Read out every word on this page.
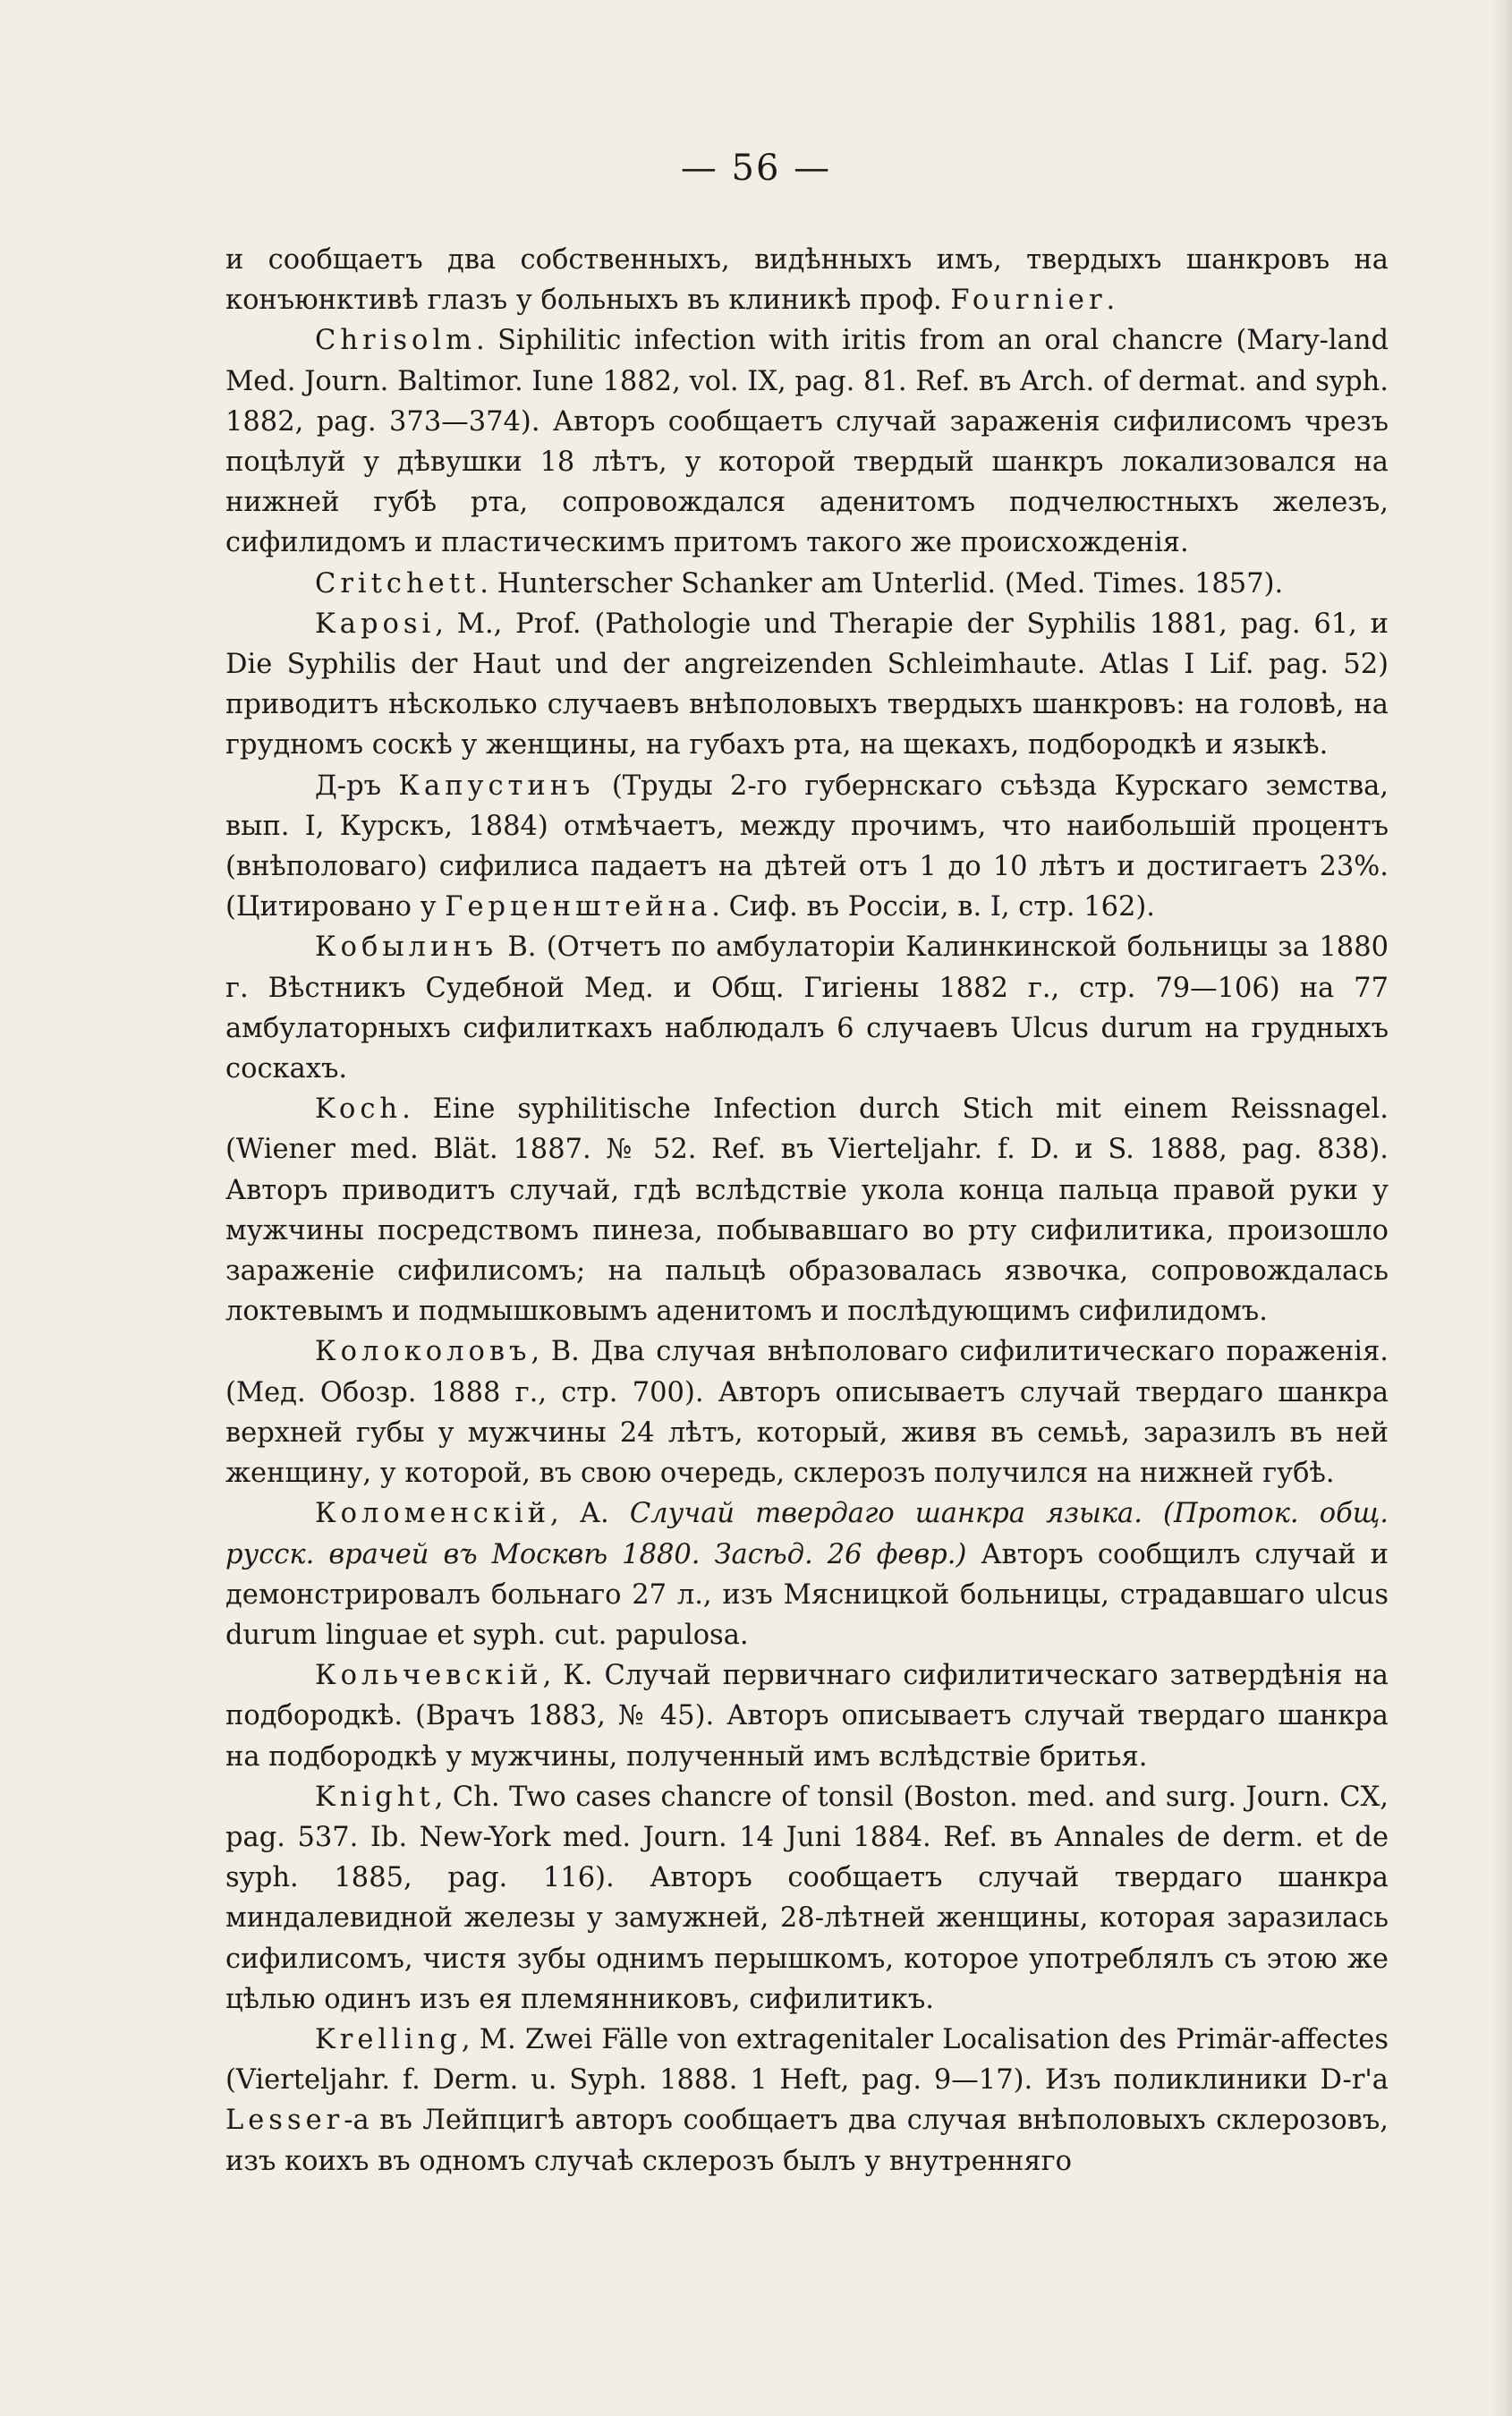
— 56 —

и сообщаетъ два собственныхъ, видѣнныхъ имъ, твердыхъ шанкровъ на конъюнктивѣ глазъ у больныхъ въ клиникѣ проф. Fournier.

Chrisolm. Siphilitic infection with iritis from an oral chancre (Mary-land Med. Journ. Baltimor. Iune 1882, vol. IX, pag. 81. Ref. въ Arch. of dermat. and syph. 1882, pag. 373—374). Авторъ сообщаетъ случай зараженія сифилисомъ чрезъ поцѣлуй у дѣвушки 18 лѣтъ, у которой твердый шанкръ локализовался на нижней губѣ рта, сопровождался аденитомъ подчелюстныхъ железъ, сифилидомъ и пластическимъ притомъ такого же происхожденія.

Critchett. Hunterscher Schanker am Unterlid. (Med. Times. 1857).

Kaposi, M., Prof. (Pathologie und Therapie der Syphilis 1881, pag. 61, и Die Syphilis der Haut und der angreizenden Schleimhaute. Atlas I Lif. pag. 52) приводитъ нѣсколько случаевъ внѣполовыхъ твердыхъ шанкровъ: на головѣ, на грудномъ соскѣ у женщины, на губахъ рта, на щекахъ, подбородкѣ и языкѣ.

Д-ръ Капустинъ (Труды 2-го губернскаго съѣзда Курскаго земства, вып. I, Курскъ, 1884) отмѣчаетъ, между прочимъ, что наибольшій процентъ (внѣполоваго) сифилиса падаетъ на дѣтей отъ 1 до 10 лѣтъ и достигаетъ 23%. (Цитировано у Герценштейна. Сиф. въ Россіи, в. I, стр. 162).

Кобылинъ В. (Отчетъ по амбулаторіи Калинкинской больницы за 1880 г. Вѣстникъ Судебной Мед. и Общ. Гигіены 1882 г., стр. 79—106) на 77 амбулаторныхъ сифилиткахъ наблюдалъ 6 случаевъ Ulcus durum на грудныхъ соскахъ.

Koch. Eine syphilitische Infection durch Stich mit einem Reissnagel. (Wiener med. Blät. 1887. № 52. Ref. въ Vierteljahr. f. D. и S. 1888, pag. 838). Авторъ приводитъ случай, гдѣ вслѣдствіе укола конца пальца правой руки у мужчины посредствомъ пинеза, побывавшаго во рту сифилитика, произошло зараженіе сифилисомъ; на пальцѣ образовалась язвочка, сопровождалась локтевымъ и подмышковымъ аденитомъ и послѣдующимъ сифилидомъ.

Колоколовъ, В. Два случая внѣполоваго сифилитическаго пораженія. (Мед. Обозр. 1888 г., стр. 700). Авторъ описываетъ случай твердаго шанкра верхней губы у мужчины 24 лѣтъ, который, живя въ семьѣ, заразилъ въ ней женщину, у которой, въ свою очередь, склерозъ получился на нижней губѣ.

Коломенскій, А. Случай твердаго шанкра языка. (Проток. общ. русск. врачей въ Москвѣ 1880. Засѣд. 26 февр.) Авторъ сообщилъ случай и демонстрировалъ больнаго 27 л., изъ Мясницкой больницы, страдавшаго ulcus durum linguae et syph. cut. papulosa.

Кольчевскій, К. Случай первичнаго сифилитическаго затвердѣнія на подбородкѣ. (Врачъ 1883, № 45). Авторъ описываетъ случай твердаго шанкра на подбородкѣ у мужчины, полученный имъ вслѣдствіе бритья.

Knight, Ch. Two cases chancre of tonsil (Boston. med. and surg. Journ. CX, pag. 537. Ib. New-York med. Journ. 14 Juni 1884. Ref. въ Annales de derm. et de syph. 1885, pag. 116). Авторъ сообщаетъ случай твердаго шанкра миндалевидной железы у замужней, 28-лѣтней женщины, которая заразилась сифилисомъ, чистя зубы однимъ перышкомъ, которое употреблялъ съ этою же цѣлью одинъ изъ ея племянниковъ, сифилитикъ.

Krelling, M. Zwei Fälle von extragenitaler Localisation des Primär-affectes (Vierteljahr. f. Derm. u. Syph. 1888. 1 Heft, pag. 9—17). Изъ поликлиники D-r'a Lesser-a въ Лейпцигѣ авторъ сообщаетъ два случая внѣполовыхъ склерозовъ, изъ коихъ въ одномъ случаѣ склерозъ былъ у внутренняго
